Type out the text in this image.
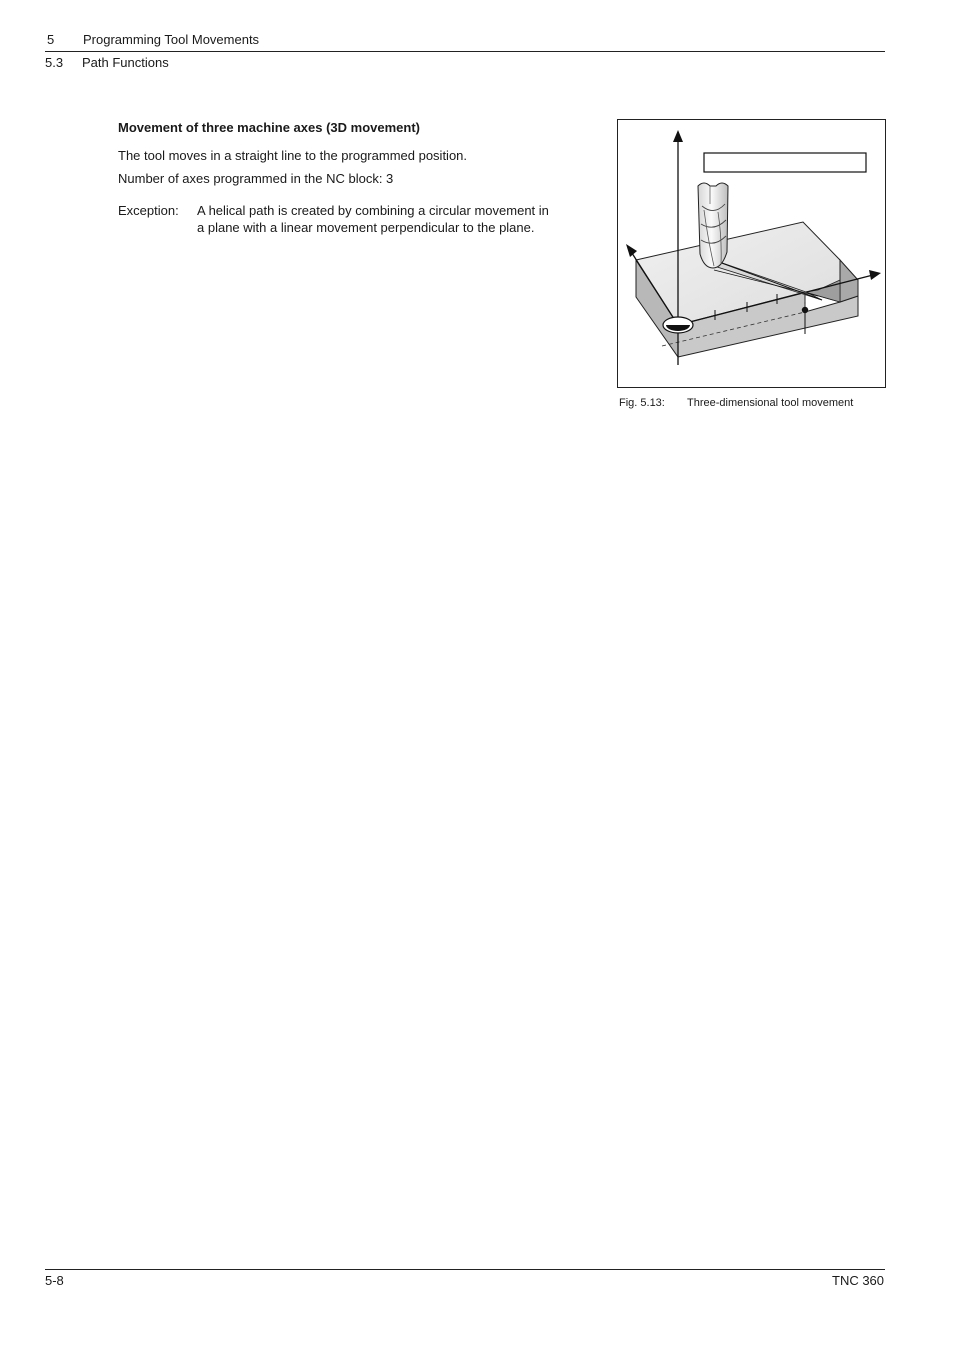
5 Programming Tool Movements
5.3 Path Functions
Movement of three machine axes (3D movement)
The tool moves in a straight line to the programmed position.
Number of axes programmed in the NC block: 3
Exception: A helical path is created by combining a circular movement in
a plane with a linear movement perpendicular to the plane.
Fig. 5.13: Three-dimensional tool movement
5-8	TNC 360
